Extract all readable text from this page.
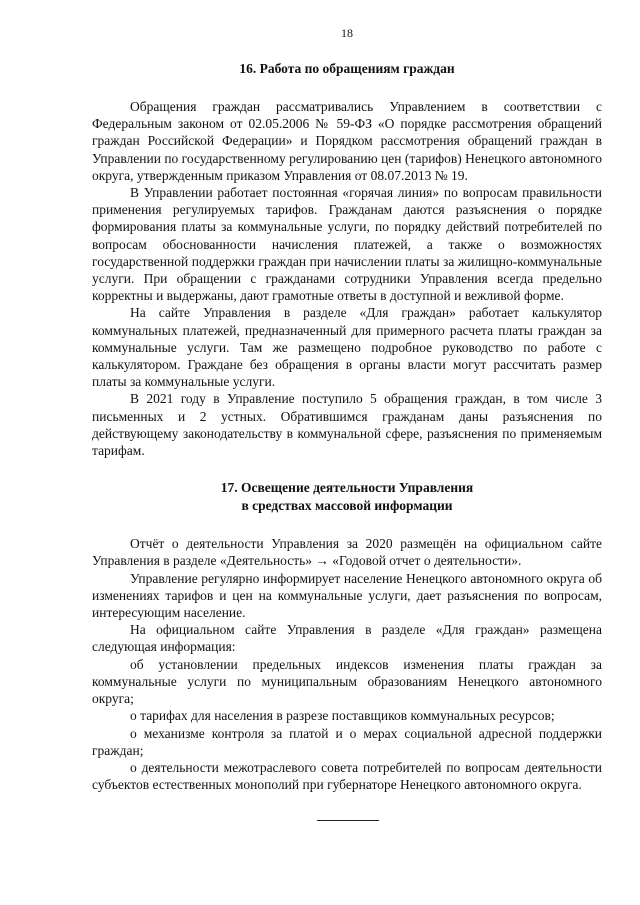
18
16. Работа по обращениям граждан

Обращения граждан рассматривались Управлением в соответствии с Федеральным законом от 02.05.2006 № 59-ФЗ «О порядке рассмотрения обращений граждан Российской Федерации» и Порядком рассмотрения обращений граждан в Управлении по государственному регулированию цен (тарифов) Ненецкого автономного округа, утвержденным приказом Управления от 08.07.2013 № 19.

В Управлении работает постоянная «горячая линия» по вопросам правильности применения регулируемых тарифов. Гражданам даются разъяснения о порядке формирования платы за коммунальные услуги, по порядку действий потребителей по вопросам обоснованности начисления платежей, а также о возможностях государственной поддержки граждан при начислении платы за жилищно-коммунальные услуги. При обращении с гражданами сотрудники Управления всегда предельно корректны и выдержаны, дают грамотные ответы в доступной и вежливой форме.

На сайте Управления в разделе «Для граждан» работает калькулятор коммунальных платежей, предназначенный для примерного расчета платы граждан за коммунальные услуги. Там же размещено подробное руководство по работе с калькулятором. Граждане без обращения в органы власти могут рассчитать размер платы за коммунальные услуги.

В 2021 году в Управление поступило 5 обращения граждан, в том числе 3 письменных и 2 устных. Обратившимся гражданам даны разъяснения по действующему законодательству в коммунальной сфере, разъяснения по применяемым тарифам.

17. Освещение деятельности Управления
в средствах массовой информации

Отчёт о деятельности Управления за 2020 размещён на официальном сайте Управления в разделе «Деятельность» → «Годовой отчет о деятельности».

Управление регулярно информирует население Ненецкого автономного округа об изменениях тарифов и цен на коммунальные услуги, дает разъяснения по вопросам, интересующим население.

На официальном сайте Управления в разделе «Для граждан» размещена следующая информация:

об установлении предельных индексов изменения платы граждан за коммунальные услуги по муниципальным образованиям Ненецкого автономного округа;

о тарифах для населения в разрезе поставщиков коммунальных ресурсов;

о механизме контроля за платой и о мерах социальной адресной поддержки граждан;

о деятельности межотраслевого совета потребителей по вопросам деятельности субъектов естественных монополий при губернаторе Ненецкого автономного округа.
